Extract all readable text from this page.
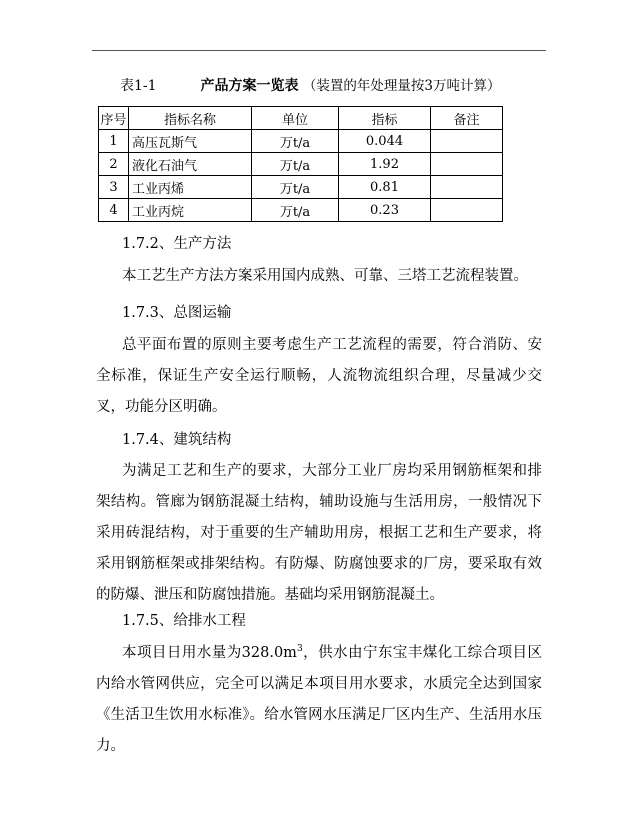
表1-1	产品方案一览表 （装置的年处理量按3万吨计算）
序号	指标名称	单位	指标	备注
1	高压瓦斯气	万t/a	0.044	
2	液化石油气	万t/a	1.92	
3	工业丙烯	万t/a	0.81	
4	工业丙烷	万t/a	0.23	
1.7.2、生产方法
本工艺生产方法方案采用国内成熟、可靠、三塔工艺流程装置。
1.7.3、总图运输
总平面布置的原则主要考虑生产工艺流程的需要，符合消防、安全标准，保证生产安全运行顺畅，人流物流组织合理，尽量减少交叉，功能分区明确。
1.7.4、建筑结构
为满足工艺和生产的要求，大部分工业厂房均采用钢筋框架和排架结构。管廊为钢筋混凝土结构，辅助设施与生活用房，一般情况下采用砖混结构，对于重要的生产辅助用房，根据工艺和生产要求，将采用钢筋框架或排架结构。有防爆、防腐蚀要求的厂房，要采取有效的防爆、泄压和防腐蚀措施。基础均采用钢筋混凝土。
1.7.5、给排水工程
本项目日用水量为$328.0m^3$，供水由宁东宝丰煤化工综合项目区内给水管网供应，完全可以满足本项目用水要求，水质完全达到国家《生活卫生饮用水标准》。给水管网水压满足厂区内生产、生活用水压力。
